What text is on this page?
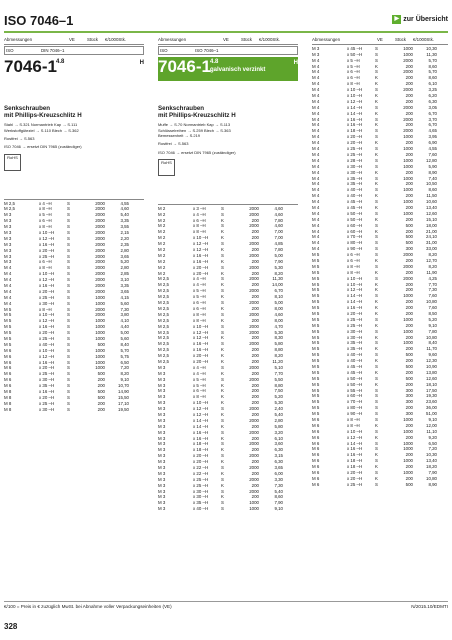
ISO 7046–1	▶ zur Übersicht
Abmessungen	VE	Stück	€/1000Stk.
ISO	DIN 7046–1
7046-1 4.8	H
Senkschrauben
mit Phillips-Kreuzschlitz H
Stahl → S.321 Normantrieb Kap → S.111
Werkstoffgüteziel → S.110 Blech → S.362
Rostfrei → S.563
ISO 7046 → ersetzt DIN 7965 (zuständiger)
RoHS
M 2,5	x 4 –H	S	2000	4,55
M 2,5	x 8 –H	S	2000	4,60
M 3	x 5 –H	S	2000	5,40
M 3	x 6 –H	S	2000	3,35
M 3	x 8 –H	S	2000	3,55
M 3	x 10 –H	S	2000	2,15
M 3	x 12 –H	S	2000	2,20
M 3	x 16 –H	S	2000	2,35
M 3	x 20 –H	S	2000	2,80
M 3	x 25 –H	S	2000	3,65
M 3	x 6 –H	S	2000	5,20
M 4	x 8 –H	S	2000	2,80
M 4	x 10 –H	S	2000	2,85
M 4	x 12 –H	S	2000	3,10
M 4	x 16 –H	S	2000	3,35
M 4	x 20 –H	S	2000	3,65
M 4	x 25 –H	S	1000	4,15
M 4	x 30 –H	S	1000	5,60
M 5	x 8 –H	S	2000	7,30
M 5	x 10 –H	S	2000	3,80
M 5	x 12 –H	S	1000	4,10
M 5	x 16 –H	S	1000	4,40
M 5	x 20 –H	S	1000	5,00
M 5	x 25 –H	S	1000	5,60
M 5	x 40 –H	S	500	8,40
M 6	x 10 –H	S	1000	5,70
M 6	x 12 –H	S	1000	5,75
M 6	x 16 –H	S	1000	6,50
M 6	x 20 –H	S	1000	7,20
M 6	x 25 –H	S	500	8,20
M 6	x 30 –H	S	200	9,10
M 6	x 35 –H	S	200	10,70
M 8	x 16 –H	S	500	14,90
M 8	x 20 –H	S	500	15,50
M 8	x 25 –H	S	200	17,10
M 8	x 30 –H	S	200	19,50
Abmessungen	VE	Stück	€/1000Stk.
ISO	ISO 7046–1
7046-1 4.8	H
galvanisch verzinkt
Senkschrauben
mit Phillips-Kreuzschlitz H
Muffe → S.70 Normantrieb Kap → S.113
Schlüsselreihen → S.259 Blech → S.363
Bemessenheit → S.219
Rostfrei → S.563
ISO 7046 → ersetzt DIN 7965 (zuständiger)
RoHS
M 2	x 3 –H	S	2000	4,60
M 2	x 4 –H	S	2000	4,60
M 2	x 6 –H	K	200	7,80
M 2	x 8 –H	S	2000	4,60
M 2	x 8 –H	K	200	7,00
M 2	x 10 –H	K	200	7,00
M 2	x 12 –H	S	2000	4,85
M 2	x 12 –H	K	200	7,80
M 2	x 16 –H	S	2000	5,00
M 2	x 16 –H	K	200	7,90
M 2	x 20 –H	S	2000	5,30
M 2	x 20 –H	K	200	8,20
M 2,5	x 4 –H	S	2000	11,30
M 2,5	x 4 –H	K	200	14,00
M 2,5	x 5 –H	S	2000	6,70
M 2,5	x 5 –H	K	200	8,10
M 2,5	x 6 –H	S	2000	5,00
M 2,5	x 6 –H	K	200	8,00
M 2,5	x 8 –H	S	2000	4,60
M 2,5	x 8 –H	K	200	8,00
M 2,5	x 10 –H	S	2000	4,70
M 2,5	x 12 –H	S	2000	5,30
M 2,5	x 12 –H	K	200	8,30
M 2,5	x 16 –H	S	2000	5,80
M 2,5	x 16 –H	K	200	8,80
M 2,5	x 20 –H	K	200	8,20
M 2,5	x 20 –H	K	200	11,20
M 3	x 4 –H	S	2000	5,10
M 3	x 4 –H	K	200	7,70
M 3	x 5 –H	S	2000	5,50
M 3	x 5 –H	K	200	8,80
M 3	x 6 –H	K	200	7,50
M 3	x 8 –H	K	200	5,20
M 3	x 10 –H	K	200	5,30
M 3	x 12 –H	S	2000	2,40
M 3	x 12 –H	K	200	5,40
M 3	x 14 –H	S	2000	2,80
M 3	x 14 –H	K	200	5,80
M 3	x 16 –H	S	2000	3,20
M 3	x 16 –H	K	200	6,10
M 3	x 18 –H	S	2000	3,60
M 3	x 18 –H	K	200	6,30
M 3	x 20 –H	S	2000	3,15
M 3	x 20 –H	K	200	6,30
M 3	x 22 –H	S	2000	3,65
M 3	x 22 –H	K	200	6,00
M 3	x 25 –H	S	2000	3,30
M 3	x 25 –H	K	200	7,30
M 3	x 30 –H	S	2000	5,40
M 3	x 30 –H	K	200	8,60
M 3	x 35 –H	S	1000	7,90
M 3	x 40 –H	S	1000	9,10
Abmessungen	VE	Stück	€/1000Stk.
M 3	x 45 –H	S	1000	10,30
M 3	x 50 –H	S	1000	11,30
M 4	x 5 –H	S	2000	5,70
M 4	x 5 –H	K	200	8,60
M 4	x 6 –H	S	2000	5,70
M 4	x 6 –H	K	200	8,60
M 4	x 8 –H	K	200	6,10
M 4	x 10 –H	S	2000	3,25
M 4	x 10 –H	K	200	6,20
M 4	x 12 –H	K	200	6,30
M 4	x 14 –H	S	2000	3,05
M 4	x 14 –H	K	200	6,70
M 4	x 16 –H	S	2000	3,70
M 4	x 16 –H	K	200	6,70
M 4	x 18 –H	S	2000	4,65
M 4	x 20 –H	S	1000	3,95
M 4	x 20 –H	K	200	6,90
M 4	x 25 –H	S	1000	4,55
M 4	x 25 –H	K	200	7,60
M 4	x 28 –H	S	1000	12,80
M 4	x 30 –H	S	1000	5,90
M 4	x 30 –H	K	200	8,90
M 4	x 35 –H	S	1000	7,40
M 4	x 35 –H	K	200	10,50
M 4	x 40 –H	S	1000	8,60
M 4	x 40 –H	K	200	11,50
M 4	x 45 –H	S	1000	10,60
M 4	x 45 –H	K	200	13,40
M 4	x 50 –H	S	1000	12,60
M 4	x 50 –H	K	200	15,10
M 4	x 60 –H	S	500	18,00
M 4	x 60 –H	K	200	21,00
M 4	x 70 –H	S	500	24,10
M 4	x 80 –H	S	500	31,00
M 4	x 90 –H	S	300	33,00
M 5	x 6 –H	S	2000	8,20
M 5	x 6 –H	K	200	12,70
M 5	x 8 –H	S	2000	8,20
M 5	x 8 –H	K	200	11,90
M 5	x 10 –H	S	2000	4,25
M 5	x 10 –H	K	200	7,70
M 5	x 12 –H	K	200	7,30
M 5	x 14 –H	S	1000	7,60
M 5	x 14 –H	K	200	10,80
M 5	x 16 –H	K	200	7,60
M 5	x 20 –H	K	200	8,50
M 5	x 25 –H	S	1000	5,20
M 5	x 25 –H	K	200	9,10
M 5	x 30 –H	S	1000	7,80
M 5	x 30 –H	K	200	10,80
M 5	x 35 –H	S	1000	8,40
M 5	x 35 –H	K	200	11,70
M 5	x 40 –H	S	500	9,60
M 5	x 40 –H	K	200	12,30
M 5	x 45 –H	S	500	10,90
M 5	x 45 –H	K	200	13,80
M 5	x 50 –H	S	500	12,60
M 5	x 50 –H	K	200	18,10
M 5	x 55 –H	S	300	17,50
M 5	x 60 –H	S	300	19,30
M 5	x 70 –H	S	300	23,60
M 5	x 80 –H	S	200	36,00
M 5	x 90 –H	S	300	51,00
M 6	x 8 –H	S	1000	9,10
M 6	x 8 –H	K	200	12,00
M 6	x 10 –H	S	1000	11,10
M 6	x 12 –H	K	200	9,20
M 6	x 14 –H	S	1000	6,50
M 6	x 16 –H	S	1000	7,20
M 6	x 16 –H	K	200	10,30
M 6	x 18 –H	S	1000	13,40
M 6	x 18 –H	K	200	18,20
M 6	x 20 –H	S	1000	7,90
M 6	x 20 –H	K	200	10,80
M 6	x 25 –H	S	500	8,90
€/100 = Preis in € zuzüglich MwSt. bei Abnahme voller Verpackungseinheiten (VE)	N/2015.10/EDMTI
328
